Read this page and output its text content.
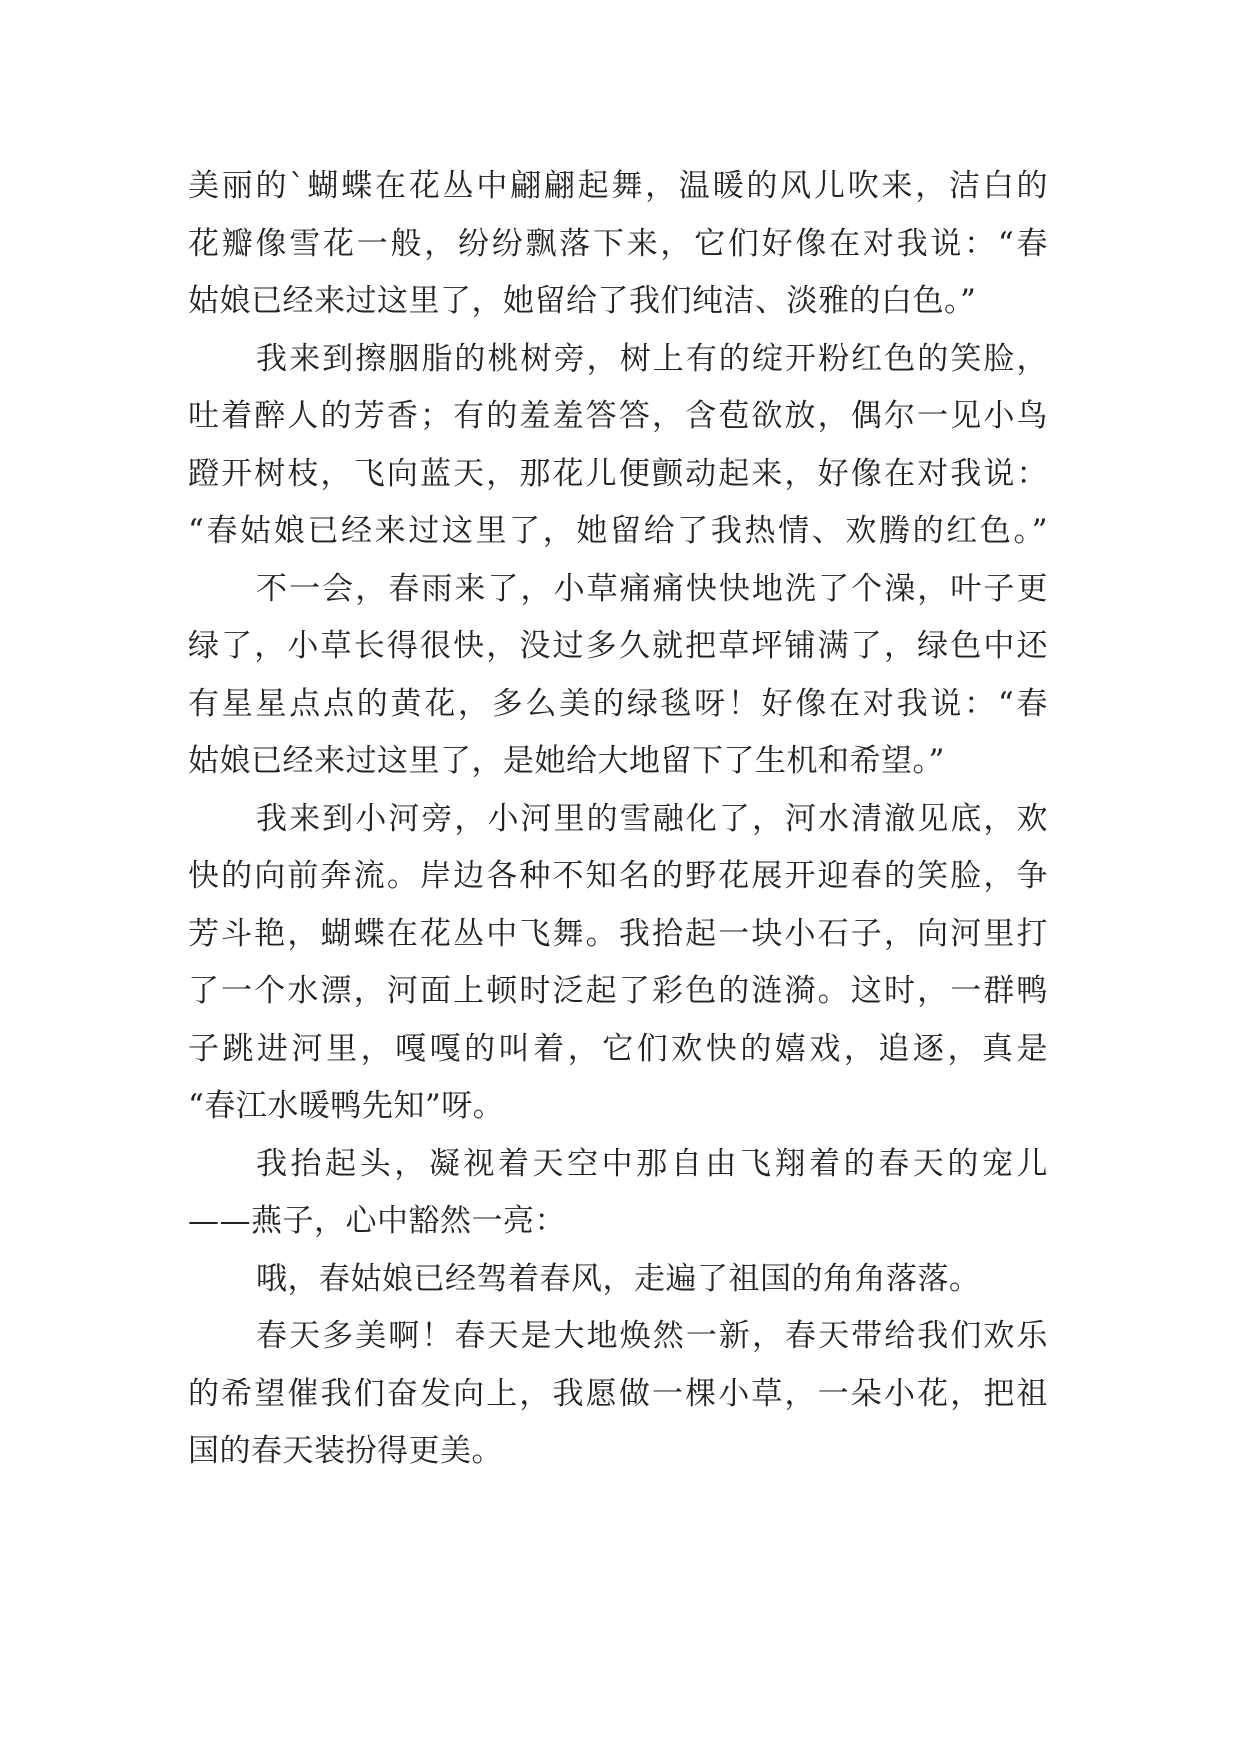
美丽的`蝴蝶在花丛中翩翩起舞，温暖的风儿吹来，洁白的
花瓣像雪花一般，纷纷飘落下来，它们好像在对我说：“春
姑娘已经来过这里了，她留给了我们纯洁、淡雅的白色。”

我来到擦胭脂的桃树旁，树上有的绽开粉红色的笑脸，
吐着醉人的芳香；有的羞羞答答，含苞欲放，偶尔一见小鸟
蹬开树枝，飞向蓝天，那花儿便颤动起来，好像在对我说：
“春姑娘已经来过这里了，她留给了我热情、欢腾的红色。”

不一会，春雨来了，小草痛痛快快地洗了个澡，叶子更
绿了，小草长得很快，没过多久就把草坪铺满了，绿色中还
有星星点点的黄花，多么美的绿毯呀！好像在对我说：“春
姑娘已经来过这里了，是她给大地留下了生机和希望。”

我来到小河旁，小河里的雪融化了，河水清澈见底，欢
快的向前奔流。岸边各种不知名的野花展开迎春的笑脸，争
芳斗艳，蝴蝶在花丛中飞舞。我拾起一块小石子，向河里打
了一个水漂，河面上顿时泛起了彩色的涟漪。这时，一群鸭
子跳进河里，嘎嘎的叫着，它们欢快的嬉戏，追逐，真是
“春江水暖鸭先知”呀。

我抬起头，凝视着天空中那自由飞翔着的春天的宠儿
——燕子，心中豁然一亮：

哦，春姑娘已经驾着春风，走遍了祖国的角角落落。

春天多美啊！春天是大地焕然一新，春天带给我们欢乐
的希望催我们奋发向上，我愿做一棵小草，一朵小花，把祖
国的春天装扮得更美。
